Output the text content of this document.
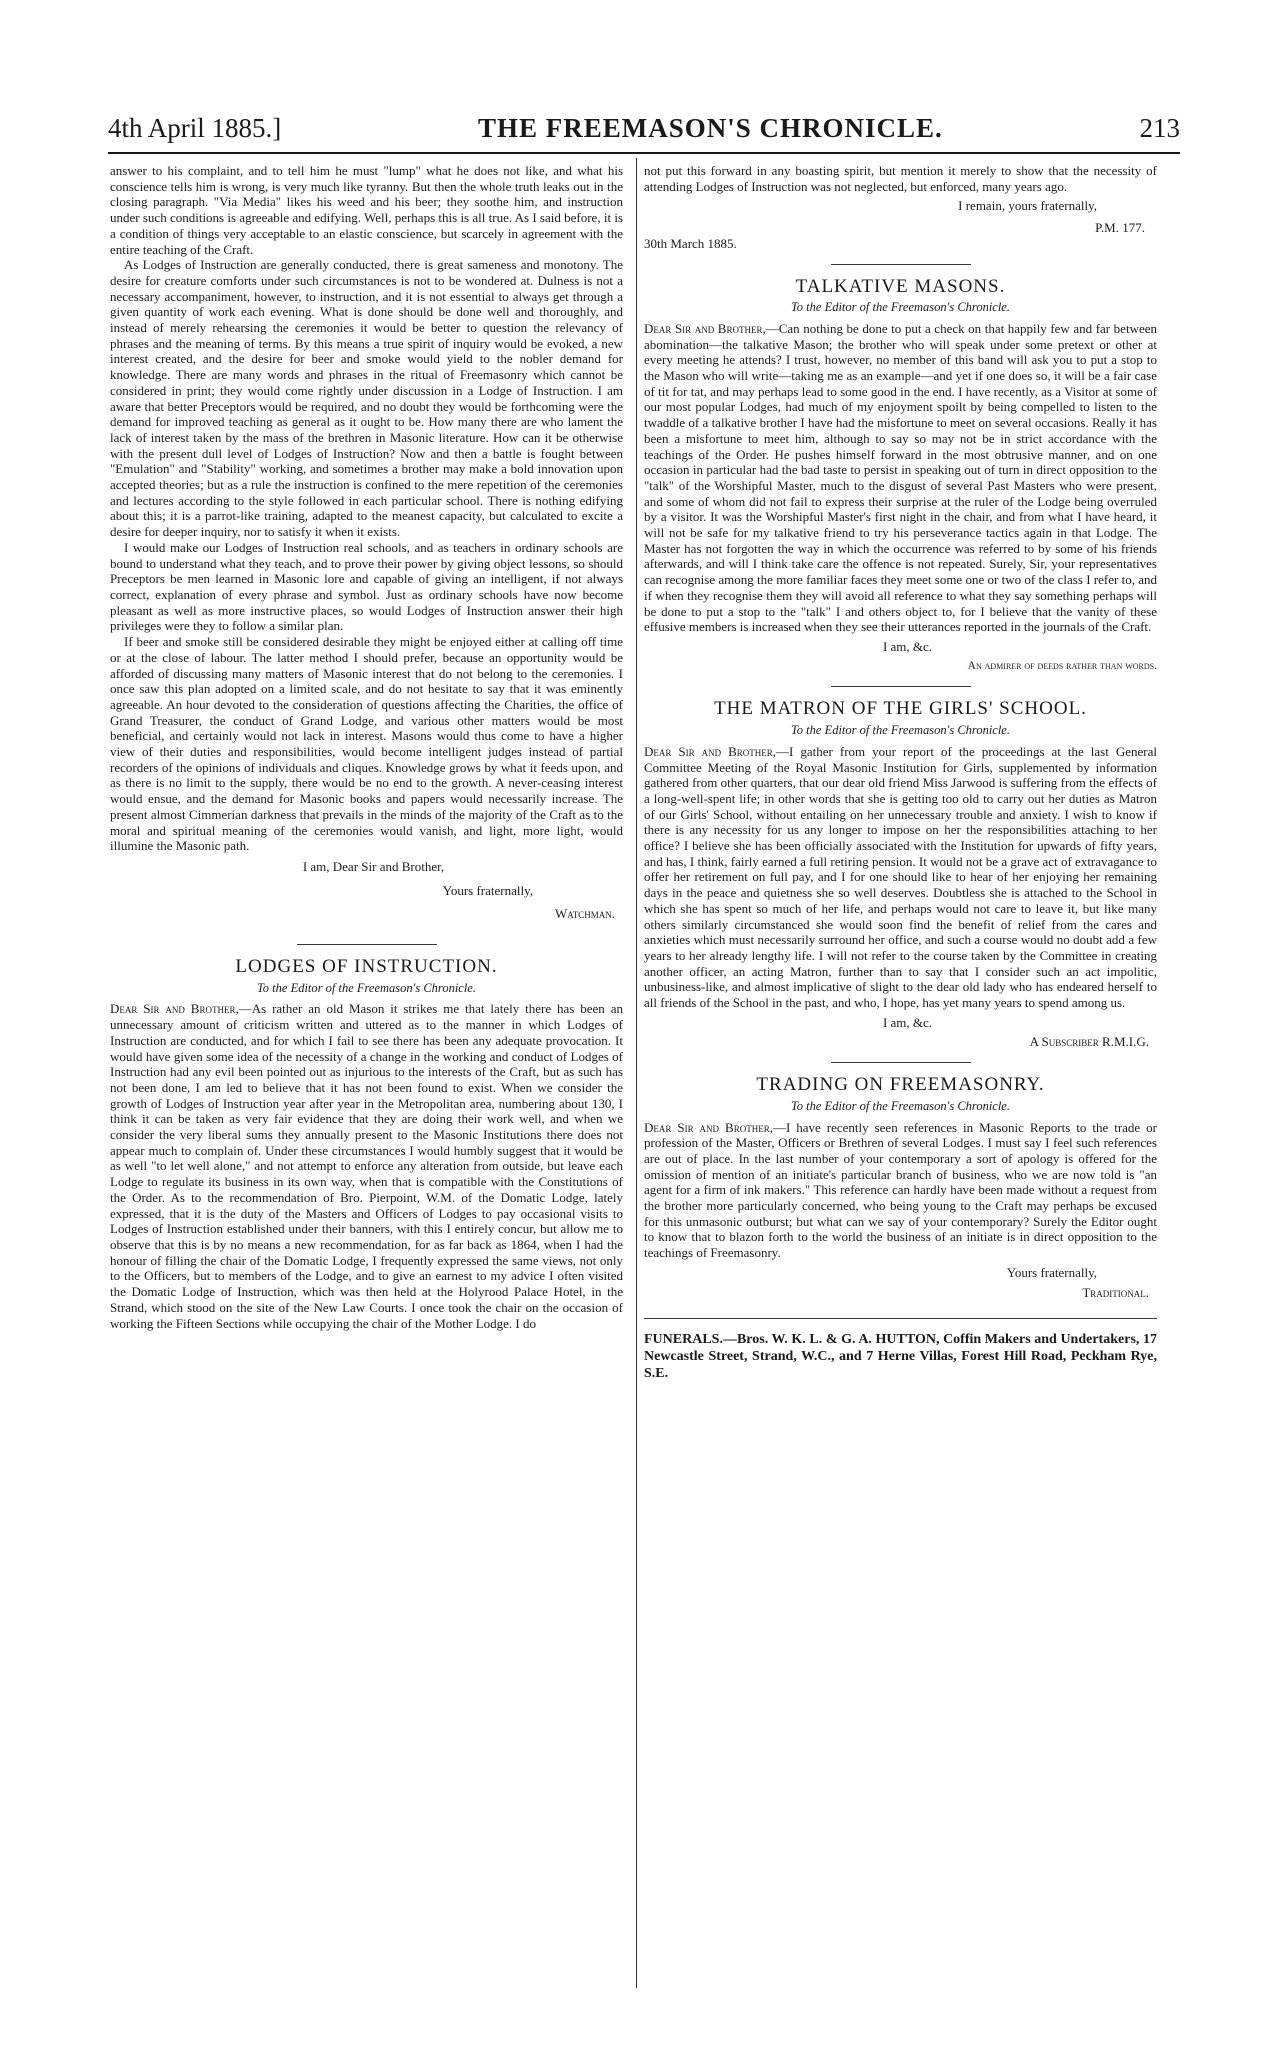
4th April 1885.]	THE FREEMASON'S CHRONICLE.	213

answer to his complaint, and to tell him he must "lump" what he does not like, and what his conscience tells him is wrong, is very much like tyranny. But then the whole truth leaks out in the closing paragraph. "Via Media" likes his weed and his beer; they soothe him, and instruction under such conditions is agreeable and edifying. Well, perhaps this is all true. As I said before, it is a condition of things very acceptable to an elastic conscience, but scarcely in agreement with the entire teaching of the Craft.

As Lodges of Instruction are generally conducted, there is great sameness and monotony. The desire for creature comforts under such circumstances is not to be wondered at. Dulness is not a necessary accompaniment, however, to instruction, and it is not essential to always get through a given quantity of work each evening. What is done should be done well and thoroughly, and instead of merely rehearsing the ceremonies it would be better to question the relevancy of phrases and the meaning of terms. By this means a true spirit of inquiry would be evoked, a new interest created, and the desire for beer and smoke would yield to the nobler demand for knowledge. There are many words and phrases in the ritual of Freemasonry which cannot be considered in print; they would come rightly under discussion in a Lodge of Instruction. I am aware that better Preceptors would be required, and no doubt they would be forthcoming were the demand for improved teaching as general as it ought to be. How many there are who lament the lack of interest taken by the mass of the brethren in Masonic literature. How can it be otherwise with the present dull level of Lodges of Instruction? Now and then a battle is fought between "Emulation" and "Stability" working, and sometimes a brother may make a bold innovation upon accepted theories; but as a rule the instruction is confined to the mere repetition of the ceremonies and lectures according to the style followed in each particular school. There is nothing edifying about this; it is a parrot-like training, adapted to the meanest capacity, but calculated to excite a desire for deeper inquiry, nor to satisfy it when it exists.

I would make our Lodges of Instruction real schools, and as teachers in ordinary schools are bound to understand what they teach, and to prove their power by giving object lessons, so should Preceptors be men learned in Masonic lore and capable of giving an intelligent, if not always correct, explanation of every phrase and symbol. Just as ordinary schools have now become pleasant as well as more instructive places, so would Lodges of Instruction answer their high privileges were they to follow a similar plan.

If beer and smoke still be considered desirable they might be enjoyed either at calling off time or at the close of labour. The latter method I should prefer, because an opportunity would be afforded of discussing many matters of Masonic interest that do not belong to the ceremonies. I once saw this plan adopted on a limited scale, and do not hesitate to say that it was eminently agreeable. An hour devoted to the consideration of questions affecting the Charities, the office of Grand Treasurer, the conduct of Grand Lodge, and various other matters would be most beneficial, and certainly would not lack in interest. Masons would thus come to have a higher view of their duties and responsibilities, would become intelligent judges instead of partial recorders of the opinions of individuals and cliques. Knowledge grows by what it feeds upon, and as there is no limit to the supply, there would be no end to the growth. A never-ceasing interest would ensue, and the demand for Masonic books and papers would necessarily increase. The present almost Cimmerian darkness that prevails in the minds of the majority of the Craft as to the moral and spiritual meaning of the ceremonies would vanish, and light, more light, would illumine the Masonic path.

I am, Dear Sir and Brother,

Yours fraternally,

Watchman.

LODGES OF INSTRUCTION.
To the Editor of the Freemason's Chronicle.

Dear Sir and Brother,—As rather an old Mason it strikes me that lately there has been an unnecessary amount of criticism written and uttered as to the manner in which Lodges of Instruction are conducted, and for which I fail to see there has been any adequate provocation. It would have given some idea of the necessity of a change in the working and conduct of Lodges of Instruction had any evil been pointed out as injurious to the interests of the Craft, but as such has not been done, I am led to believe that it has not been found to exist. When we consider the growth of Lodges of Instruction year after year in the Metropolitan area, numbering about 130, I think it can be taken as very fair evidence that they are doing their work well, and when we consider the very liberal sums they annually present to the Masonic Institutions there does not appear much to complain of. Under these circumstances I would humbly suggest that it would be as well "to let well alone," and not attempt to enforce any alteration from outside, but leave each Lodge to regulate its business in its own way, when that is compatible with the Constitutions of the Order. As to the recommendation of Bro. Pierpoint, W.M. of the Domatic Lodge, lately expressed, that it is the duty of the Masters and Officers of Lodges to pay occasional visits to Lodges of Instruction established under their banners, with this I entirely concur, but allow me to observe that this is by no means a new recommendation, for as far back as 1864, when I had the honour of filling the chair of the Domatic Lodge, I frequently expressed the same views, not only to the Officers, but to members of the Lodge, and to give an earnest to my advice I often visited the Domatic Lodge of Instruction, which was then held at the Holyrood Palace Hotel, in the Strand, which stood on the site of the New Law Courts. I once took the chair on the occasion of working the Fifteen Sections while occupying the chair of the Mother Lodge. I do

not put this forward in any boasting spirit, but mention it merely to show that the necessity of attending Lodges of Instruction was not neglected, but enforced, many years ago.

I remain, yours fraternally,

P.M. 177.

30th March 1885.

TALKATIVE MASONS.
To the Editor of the Freemason's Chronicle.

Dear Sir and Brother,—Can nothing be done to put a check on that happily few and far between abomination—the talkative Mason; the brother who will speak under some pretext or other at every meeting he attends? I trust, however, no member of this band will ask you to put a stop to the Mason who will write—taking me as an example—and yet if one does so, it will be a fair case of tit for tat, and may perhaps lead to some good in the end. I have recently, as a Visitor at some of our most popular Lodges, had much of my enjoyment spoilt by being compelled to listen to the twaddle of a talkative brother I have had the misfortune to meet on several occasions. Really it has been a misfortune to meet him, although to say so may not be in strict accordance with the teachings of the Order. He pushes himself forward in the most obtrusive manner, and on one occasion in particular had the bad taste to persist in speaking out of turn in direct opposition to the "talk" of the Worshipful Master, much to the disgust of several Past Masters who were present, and some of whom did not fail to express their surprise at the ruler of the Lodge being overruled by a visitor. It was the Worshipful Master's first night in the chair, and from what I have heard, it will not be safe for my talkative friend to try his perseverance tactics again in that Lodge. The Master has not forgotten the way in which the occurrence was referred to by some of his friends afterwards, and will I think take care the offence is not repeated. Surely, Sir, your representatives can recognise among the more familiar faces they meet some one or two of the class I refer to, and if when they recognise them they will avoid all reference to what they say something perhaps will be done to put a stop to the "talk" I and others object to, for I believe that the vanity of these effusive members is increased when they see their utterances reported in the journals of the Craft.

I am, &c.

An admirer of deeds rather than words.

THE MATRON OF THE GIRLS' SCHOOL.
To the Editor of the Freemason's Chronicle.

Dear Sir and Brother,—I gather from your report of the proceedings at the last General Committee Meeting of the Royal Masonic Institution for Girls, supplemented by information gathered from other quarters, that our dear old friend Miss Jarwood is suffering from the effects of a long-well-spent life; in other words that she is getting too old to carry out her duties as Matron of our Girls' School, without entailing on her unnecessary trouble and anxiety. I wish to know if there is any necessity for us any longer to impose on her the responsibilities attaching to her office? I believe she has been officially associated with the Institution for upwards of fifty years, and has, I think, fairly earned a full retiring pension. It would not be a grave act of extravagance to offer her retirement on full pay, and I for one should like to hear of her enjoying her remaining days in the peace and quietness she so well deserves. Doubtless she is attached to the School in which she has spent so much of her life, and perhaps would not care to leave it, but like many others similarly circumstanced she would soon find the benefit of relief from the cares and anxieties which must necessarily surround her office, and such a course would no doubt add a few years to her already lengthy life. I will not refer to the course taken by the Committee in creating another officer, an acting Matron, further than to say that I consider such an act impolitic, unbusiness-like, and almost implicative of slight to the dear old lady who has endeared herself to all friends of the School in the past, and who, I hope, has yet many years to spend among us.

I am, &c.

A Subscriber R.M.I.G.

TRADING ON FREEMASONRY.
To the Editor of the Freemason's Chronicle.

Dear Sir and Brother,—I have recently seen references in Masonic Reports to the trade or profession of the Master, Officers or Brethren of several Lodges. I must say I feel such references are out of place. In the last number of your contemporary a sort of apology is offered for the omission of mention of an initiate's particular branch of business, who we are now told is "an agent for a firm of ink makers." This reference can hardly have been made without a request from the brother more particularly concerned, who being young to the Craft may perhaps be excused for this unmasonic outburst; but what can we say of your contemporary? Surely the Editor ought to know that to blazon forth to the world the business of an initiate is in direct opposition to the teachings of Freemasonry.

Yours fraternally,

Traditional.

FUNERALS.—Bros. W. K. L. & G. A. HUTTON, Coffin Makers and Undertakers, 17 Newcastle Street, Strand, W.C., and 7 Herne Villas, Forest Hill Road, Peckham Rye, S.E.
